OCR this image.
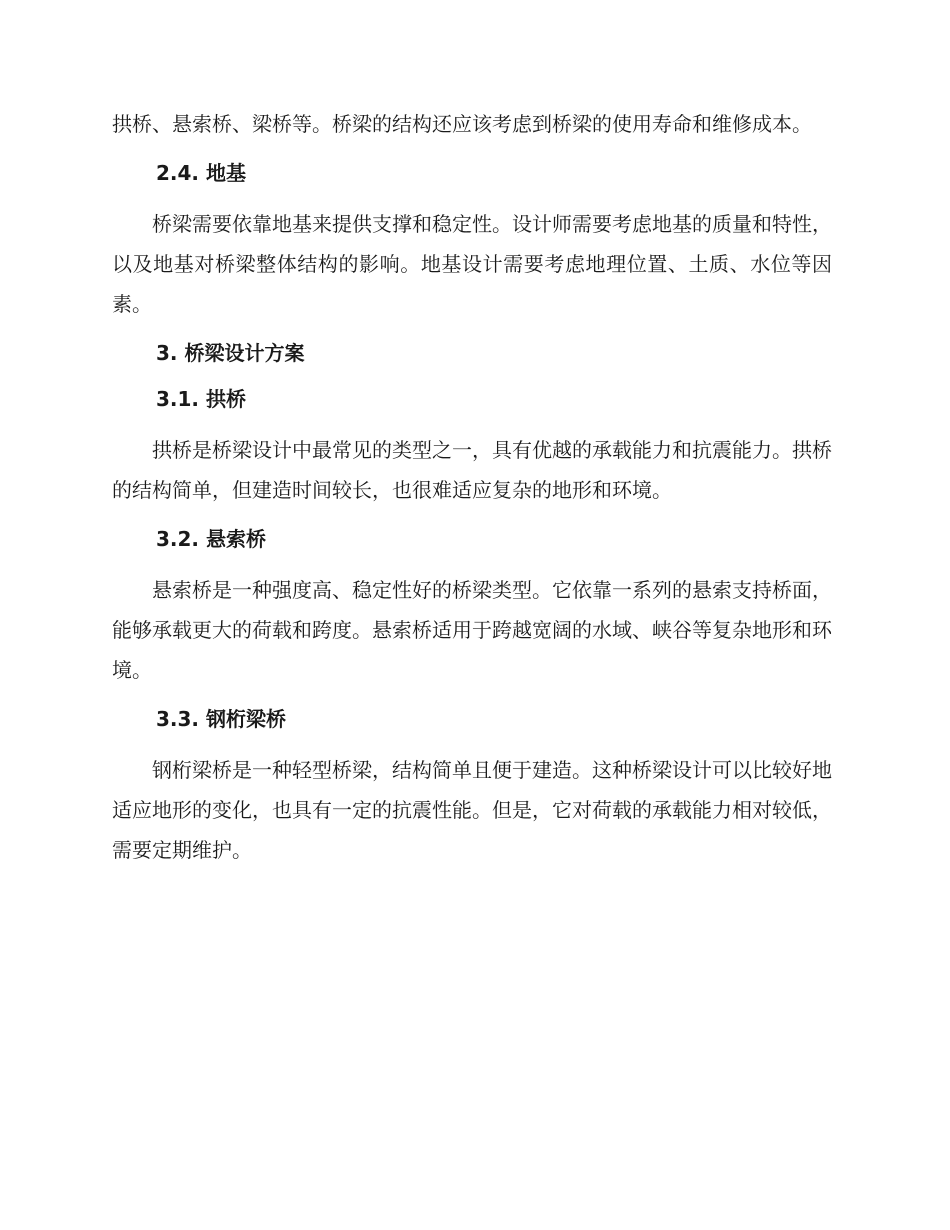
拱桥、悬索桥、梁桥等。桥梁的结构还应该考虑到桥梁的使用寿命和维修成本。

2.4. 地基

桥梁需要依靠地基来提供支撑和稳定性。设计师需要考虑地基的质量和特性，以及地基对桥梁整体结构的影响。地基设计需要考虑地理位置、土质、水位等因素。

3. 桥梁设计方案
3.1. 拱桥

拱桥是桥梁设计中最常见的类型之一，具有优越的承载能力和抗震能力。拱桥的结构简单，但建造时间较长，也很难适应复杂的地形和环境。

3.2. 悬索桥

悬索桥是一种强度高、稳定性好的桥梁类型。它依靠一系列的悬索支持桥面，能够承载更大的荷载和跨度。悬索桥适用于跨越宽阔的水域、峡谷等复杂地形和环境。

3.3. 钢桁梁桥

钢桁梁桥是一种轻型桥梁，结构简单且便于建造。这种桥梁设计可以比较好地适应地形的变化，也具有一定的抗震性能。但是，它对荷载的承载能力相对较低，需要定期维护。
